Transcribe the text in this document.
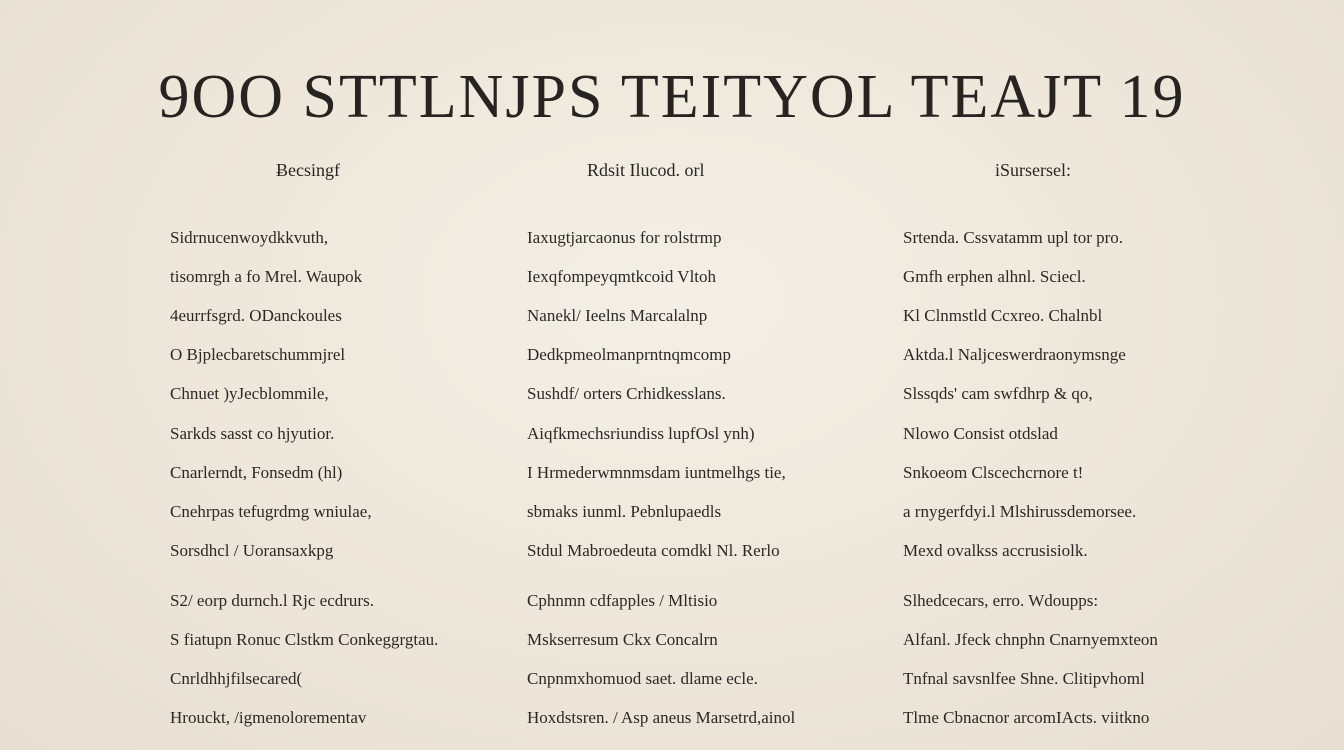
9OO STTLNJPS TEITYOL TEAJT 19
Ƀecsingf
Sidrnucenwoydkkvuth,
tisomrgh a fo Mrel. Waupok
4eurrfsgrd. ODanckoules
O Bjplecbaretschummjrel
Chnuet )yJecblommile,
Sarkds sasst co hjyutior.
Cnarlerndt, Fonsedm (hl)
Cnehrpas tefugrdmg wniulae,
Sorsdhcl / Uoransaxkpg
S2/ eorp durnch.l Rjc ecdrurs.
S fiatupn Ronuc Clstkm Conkeggrgtau.
Cnrldhhjfilsecared(
Hrouckt, /igmenolorementav
Rdsit Ilucod. orl
Iaxugtjarcaonus for rolstrmp
Iexqfompeyqmtkcoid Vltoh
Nanekl/ Ieelns Marcalalnp
Dedkpmeolmanprntnqmcomp
Sushdf/ orters Crhidkesslans.
Aiqfkmechsriundiss lupfOsl ynh)
I Hrmederwmnmsdam iuntmelhgs tie,
sbmaks iunml. Pebnlupaedls
Stdul Mabroedeuta comdkl Nl. Rerlo
Cphnmn cdfapples / Mltisio
Mskserresum Ckx Concalrn
Cnpnmxhomuod saet. dlame ecle.
Hoxdstsren. / Asp aneus Marsetrd,ainol
iSursersel:
Srtenda. Cssvatamm upl tor pro.
Gmfh erphen alhnl. Sciecl.
Kl Clnmstld Ccxreo. Chalnbl
Aktda.l Naljceswerdraonymsnge
Slssqds' cam swfdhrp & qo,
Nlowo Consist otdslad
Snkoeom Clscechcrnore t!
a rnygerfdyi.l Mlshirussdemorsee.
Mexd ovalkss accrusisiolk.
Slhedcecars, erro. Wdoupps:
Alfanl. Jfeck chnphn Cnarnyemxteon
Tnfnal savsnlfee Shne. Clitipvhoml
Tlme Cbnacnor arcomIActs. viitkno
